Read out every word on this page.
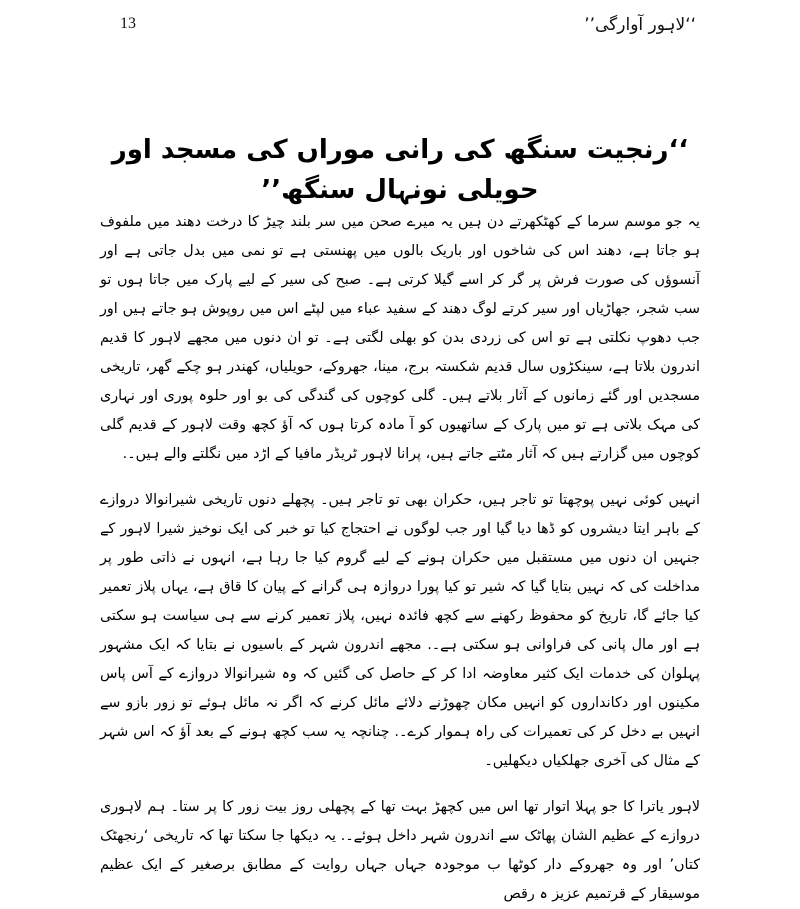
‘‘لاہور آوارگی’’
13
‘‘رنجیت سنگھ کی رانی موراں کی مسجد اور حویلی نونہال سنگھ’’

یہ جو موسم سرما کے کھٹکھرتے دن ہیں یہ میرے صحن میں سر بلند چیڑ کا درخت دھند میں ملفوف ہو جاتا ہے، دھند اس کی شاخوں اور باریک بالوں میں پھنستی ہے تو نمی میں بدل جاتی ہے اور آنسوؤں کی صورت فرش پر گر کر اسے گیلا کرتی ہے۔ صبح کی سیر کے لیے پارک میں جاتا ہوں تو سب شجر، جھاڑیاں اور سیر کرتے لوگ دھند کے سفید عباء میں لپٹے اس میں روپوش ہو جاتے ہیں اور جب دھوپ نکلتی ہے تو اس کی زردی بدن کو بھلی لگتی ہے۔ تو ان دنوں میں مجھے لاہور کا قدیم اندرون بلاتا ہے، سینکڑوں سال قدیم شکستہ برج، مینا، جھروکے، حویلیاں، کھندر ہو چکے گھر، تاریخی مسجدیں اور گئے زمانوں کے آثار بلاتے ہیں۔ گلی کوچوں کی گندگی کی بو اور حلوہ پوری اور نہاری کی مہک بلاتی ہے تو میں پارک کے ساتھیوں کو آ مادہ کرتا ہوں کہ آؤ کچھ وقت لاہور کے قدیم گلی کوچوں میں گزارتے ہیں کہ آثار مٹتے جاتے ہیں، پرانا لاہور ٹریڈر مافیا کے اڑد میں نگلتے والے ہیں۔.

انہیں کوئی نہیں پوچھتا تو تاجر ہیں، حکران بھی تو تاجر ہیں۔ پچھلے دنوں تاریخی شیرانوالا دروازے کے باہر ایتا دیشروں کو ڈھا دیا گیا اور جب لوگوں نے احتجاج کیا تو خبر کی ایک نوخیز شیرا لاہور کے جنہیں ان دنوں میں مستقبل میں حکران ہونے کے لیے گروم کیا جا رہا ہے، انہوں نے ذاتی طور پر مداخلت کی کہ نہیں بتایا گیا کہ شیر تو کیا پورا دروازہ ہی گرانے کے پیان کا قاق ہے، یہاں پلاز تعمیر کیا جائے گا، تاریخ کو محفوظ رکھنے سے کچھ فائدہ نہیں، پلاز تعمیر کرنے سے ہی سیاست ہو سکتی ہے اور مال پانی کی فراوانی ہو سکتی ہے۔. مجھے اندرون شہر کے باسیوں نے بتایا کہ ایک مشہور پہلوان کی خدمات ایک کثیر معاوضہ ادا کر کے حاصل کی گئیں کہ وہ شیرانوالا دروازے کے آس پاس مکینوں اور دکانداروں کو انہیں مکان چھوڑنے دلائے مائل کرنے کہ اگر نہ مائل ہوئے تو زور بازو سے انہیں بے دخل کر کی تعمیرات کی راہ ہموار کرے۔. چنانچہ یہ سب کچھ ہونے کے بعد آؤ کہ اس شہر کے مثال کی آخری جھلکیاں دیکھلیں۔

لاہور یاترا کا جو پہلا اتوار تھا اس میں کچھڑ بہت تھا کے پچھلی روز بیت زور کا پر ستا۔ ہم لاہوری دروازے کے عظیم الشان پھاٹک سے اندرون شہر داخل ہوئے۔. یہ دیکھا جا سکتا تھا کہ تاریخی ‘رنجھٹک کتاں’ اور وہ جھروکے دار کوٹھا ب موجودہ جہاں جہاں روایت کے مطابق برصغیر کے ایک عظیم موسیقار کے قرتمیم عزیز ہ رقص
